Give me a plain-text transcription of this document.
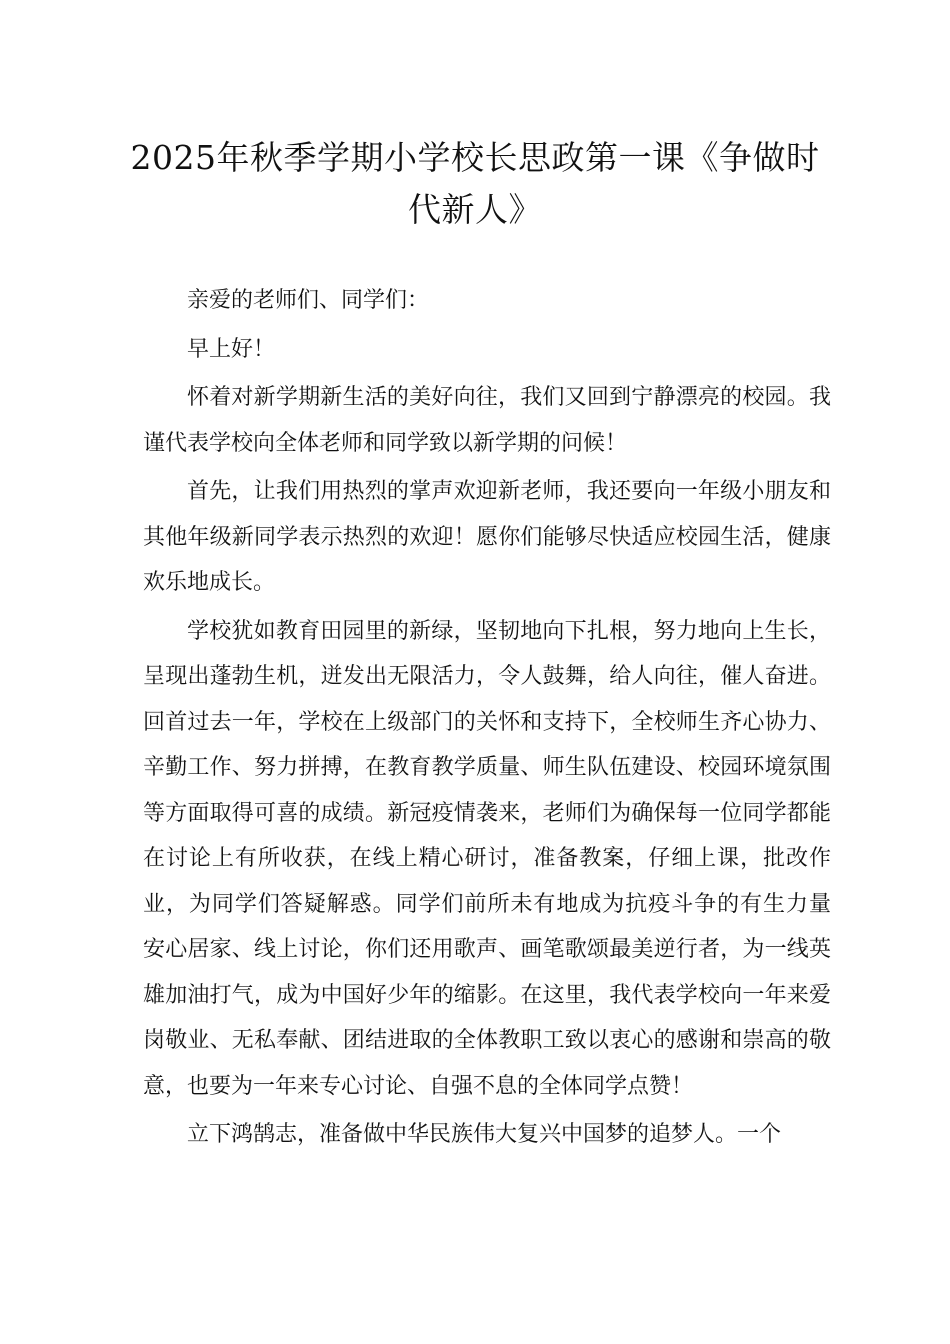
2025年秋季学期小学校长思政第一课《争做时代新人》

亲爱的老师们、同学们：

早上好！

怀着对新学期新生活的美好向往，我们又回到宁静漂亮的校园。我谨代表学校向全体老师和同学致以新学期的问候！

首先，让我们用热烈的掌声欢迎新老师，我还要向一年级小朋友和其他年级新同学表示热烈的欢迎！愿你们能够尽快适应校园生活，健康欢乐地成长。

学校犹如教育田园里的新绿，坚韧地向下扎根，努力地向上生长，呈现出蓬勃生机，迸发出无限活力，令人鼓舞，给人向往，催人奋进。回首过去一年，学校在上级部门的关怀和支持下，全校师生齐心协力、辛勤工作、努力拼搏，在教育教学质量、师生队伍建设、校园环境氛围等方面取得可喜的成绩。新冠疫情袭来，老师们为确保每一位同学都能在讨论上有所收获，在线上精心研讨，准备教案，仔细上课，批改作业，为同学们答疑解惑。同学们前所未有地成为抗疫斗争的有生力量 安心居家、线上讨论，你们还用歌声、画笔歌颂最美逆行者，为一线英雄加油打气，成为中国好少年的缩影。在这里，我代表学校向一年来爱岗敬业、无私奉献、团结进取的全体教职工致以衷心的感谢和崇高的敬意，也要为一年来专心讨论、自强不息的全体同学点赞！

立下鸿鹄志，准备做中华民族伟大复兴中国梦的追梦人。一个
